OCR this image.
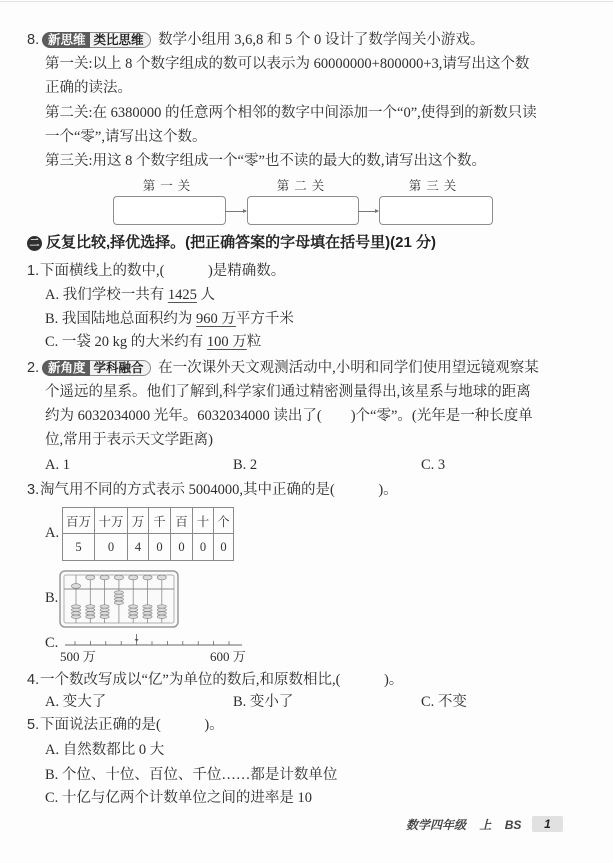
8. 新思维 类比思维	数学小组用 3,6,8 和 5 个 0 设计了数学闯关小游戏。
第一关:以上 8 个数字组成的数可以表示为 60000000+800000+3,请写出这个数
正确的读法。
第二关:在 6380000 的任意两个相邻的数字中间添加一个“0”,使得到的新数只读
一个“零”,请写出这个数。
第三关:用这 8 个数字组成一个“零”也不读的最大的数,请写出这个数。
第一关	第二关	第三关
二 反复比较,择优选择。(把正确答案的字母填在括号里)(21 分)
1. 下面横线上的数中,(　　　)是精确数。
A. 我们学校一共有 1425 人
B. 我国陆地总面积约为 960 万平方千米
C. 一袋 20 kg 的大米约有 100 万粒
2. 新角度 学科融合	在一次课外天文观测活动中,小明和同学们使用望远镜观察某
个遥远的星系。他们了解到,科学家们通过精密测量得出,该星系与地球的距离
约为 6032034000 光年。6032034000 读出了(　　)个“零”。(光年是一种长度单
位,常用于表示天文学距离)
A. 1	B. 2	C. 3
3. 淘气用不同的方式表示 5004000,其中正确的是(　　　)。
A.
百万	十万	万	千	百	十	个
5	0	4	0	0	0	0
B.
C.
500 万	600 万
4. 一个数改写成以“亿”为单位的数后,和原数相比,(　　　)。
A. 变大了	B. 变小了	C. 不变
5. 下面说法正确的是(　　　)。
A. 自然数都比 0 大
B. 个位、十位、百位、千位……都是计数单位
C. 十亿与亿两个计数单位之间的进率是 10
数学四年级 上 BS	1
